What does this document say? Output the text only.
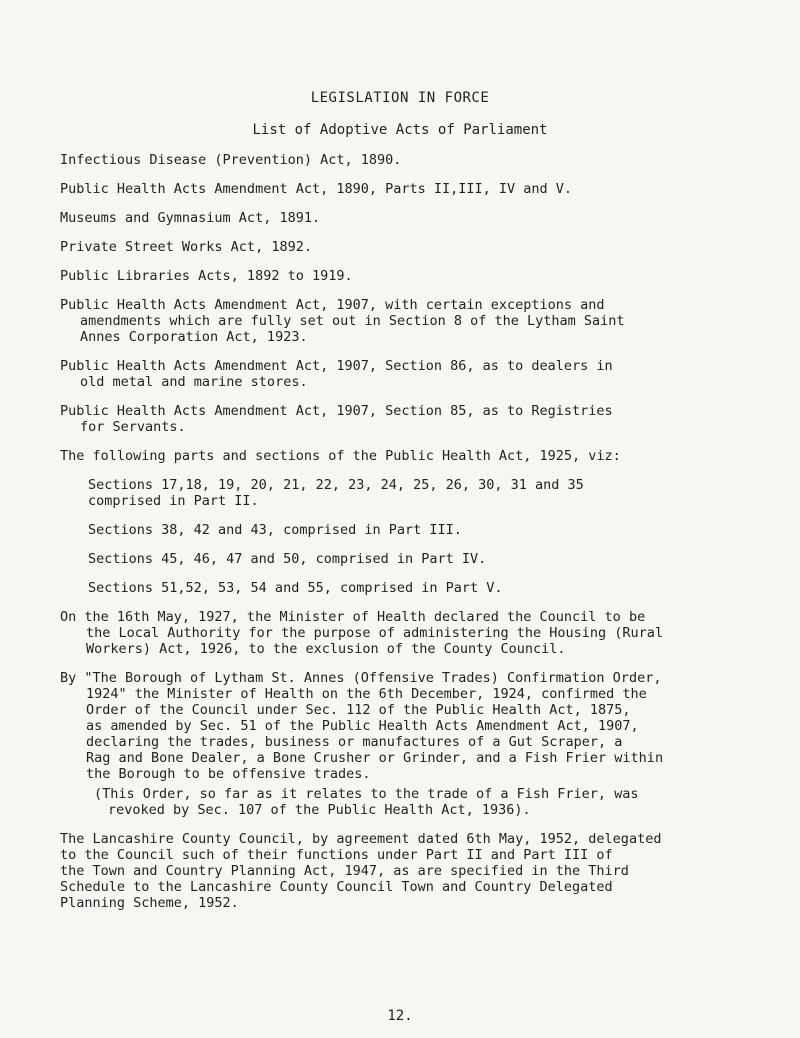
LEGISLATION IN FORCE
List of Adoptive Acts of Parliament
Infectious Disease (Prevention) Act, 1890.
Public Health Acts Amendment Act, 1890, Parts II,III, IV and V.
Museums and Gymnasium Act, 1891.
Private Street Works Act, 1892.
Public Libraries Acts, 1892 to 1919.
Public Health Acts Amendment Act, 1907, with certain exceptions and
amendments which are fully set out in Section 8 of the Lytham Saint
Annes Corporation Act, 1923.
Public Health Acts Amendment Act, 1907, Section 86, as to dealers in
old metal and marine stores.
Public Health Acts Amendment Act, 1907, Section 85, as to Registries
for Servants.
The following parts and sections of the Public Health Act, 1925, viz:
Sections 17,18, 19, 20, 21, 22, 23, 24, 25, 26, 30, 31 and 35
comprised in Part II.
Sections 38, 42 and 43, comprised in Part III.
Sections 45, 46, 47 and 50, comprised in Part IV.
Sections 51,52, 53, 54 and 55, comprised in Part V.
On the 16th May, 1927, the Minister of Health declared the Council to be
the Local Authority for the purpose of administering the Housing (Rural
Workers) Act, 1926, to the exclusion of the County Council.
By "The Borough of Lytham St. Annes (Offensive Trades) Confirmation Order,
1924" the Minister of Health on the 6th December, 1924, confirmed the
Order of the Council under Sec. 112 of the Public Health Act, 1875,
as amended by Sec. 51 of the Public Health Acts Amendment Act, 1907,
declaring the trades, business or manufactures of a Gut Scraper, a
Rag and Bone Dealer, a Bone Crusher or Grinder, and a Fish Frier within
the Borough to be offensive trades.
(This Order, so far as it relates to the trade of a Fish Frier, was
revoked by Sec. 107 of the Public Health Act, 1936).
The Lancashire County Council, by agreement dated 6th May, 1952, delegated
to the Council such of their functions under Part II and Part III of
the Town and Country Planning Act, 1947, as are specified in the Third
Schedule to the Lancashire County Council Town and Country Delegated
Planning Scheme, 1952.
12.
